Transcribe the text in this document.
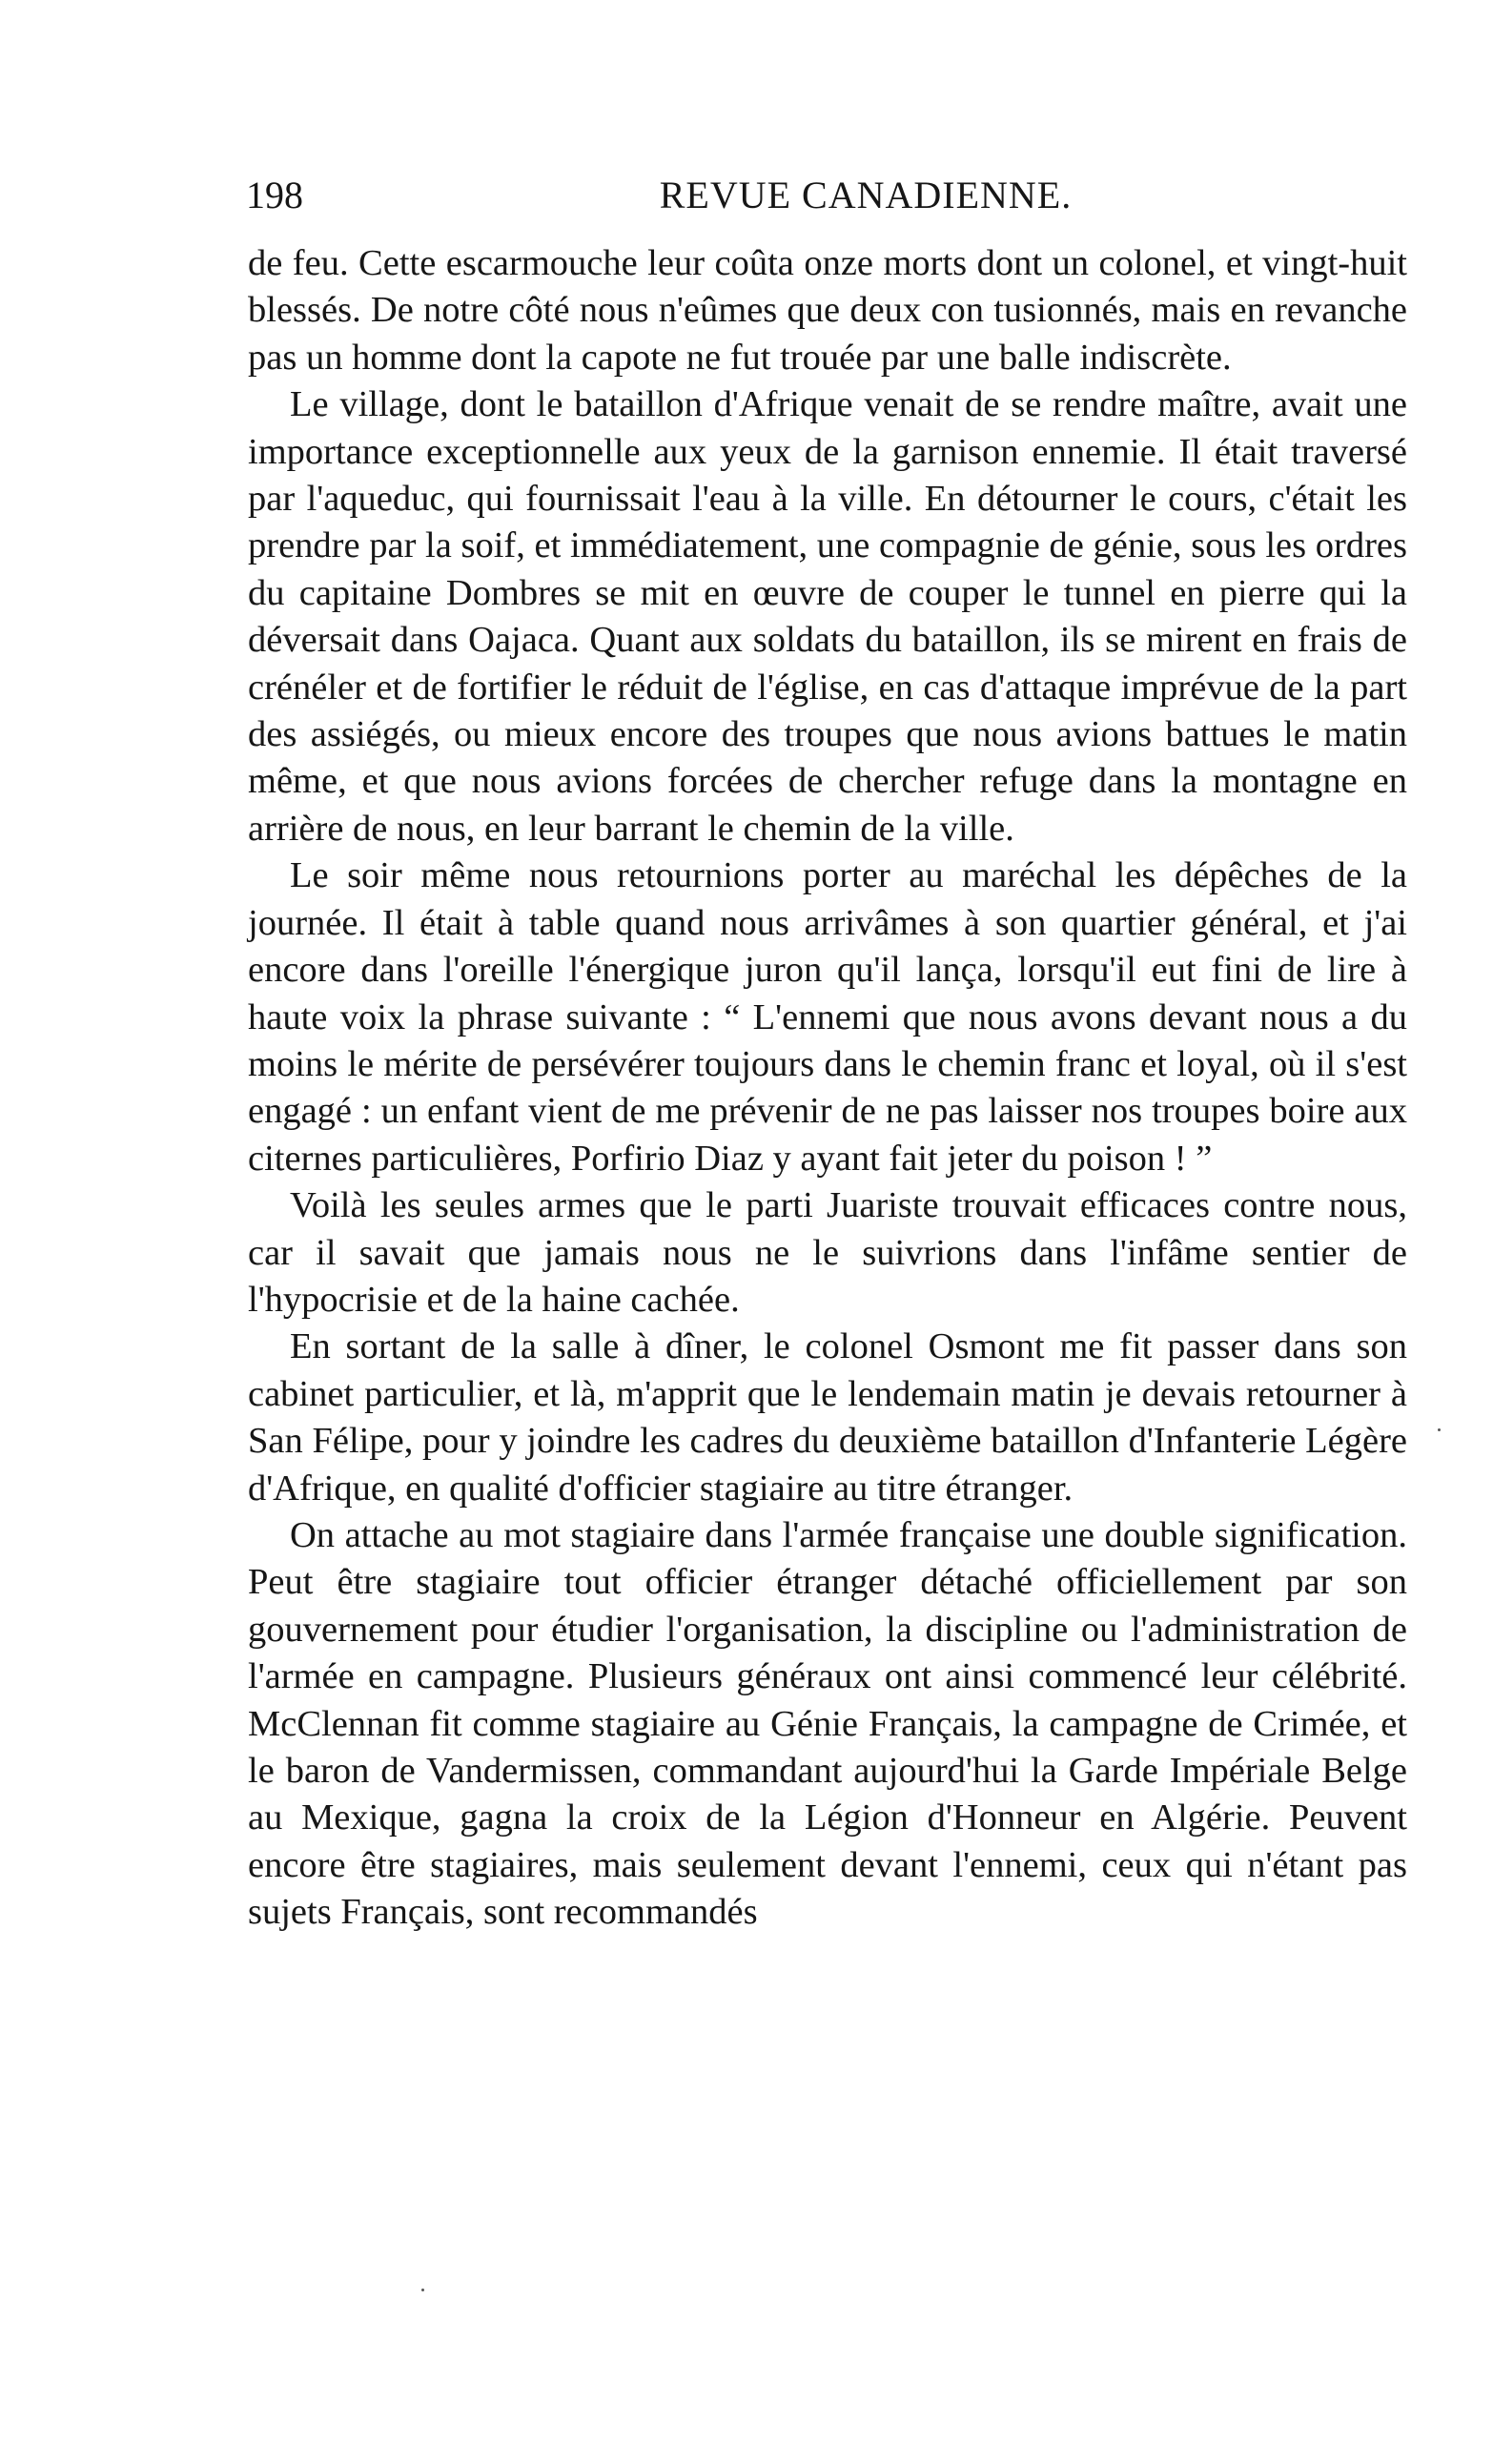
198	REVUE CANADIENNE.

de feu. Cette escarmouche leur coûta onze morts dont un colonel, et vingt-huit blessés. De notre côté nous n'eûmes que deux con tusionnés, mais en revanche pas un homme dont la capote ne fut trouée par une balle indiscrète.

Le village, dont le bataillon d'Afrique venait de se rendre maître, avait une importance exceptionnelle aux yeux de la garnison ennemie. Il était traversé par l'aqueduc, qui fournissait l'eau à la ville. En détourner le cours, c'était les prendre par la soif, et immédiatement, une compagnie de génie, sous les ordres du capitaine Dombres se mit en œuvre de couper le tunnel en pierre qui la déversait dans Oajaca. Quant aux soldats du bataillon, ils se mirent en frais de crénéler et de fortifier le réduit de l'église, en cas d'attaque imprévue de la part des assiégés, ou mieux encore des troupes que nous avions battues le matin même, et que nous avions forcées de chercher refuge dans la montagne en arrière de nous, en leur barrant le chemin de la ville.

Le soir même nous retournions porter au maréchal les dépêches de la journée. Il était à table quand nous arrivâmes à son quartier général, et j'ai encore dans l'oreille l'énergique juron qu'il lança, lorsqu'il eut fini de lire à haute voix la phrase suivante : “ L'ennemi que nous avons devant nous a du moins le mérite de persévérer toujours dans le chemin franc et loyal, où il s'est engagé : un enfant vient de me prévenir de ne pas laisser nos troupes boire aux citernes particulières, Porfirio Diaz y ayant fait jeter du poison ! ”

Voilà les seules armes que le parti Juariste trouvait efficaces contre nous, car il savait que jamais nous ne le suivrions dans l'infâme sentier de l'hypocrisie et de la haine cachée.

En sortant de la salle à dîner, le colonel Osmont me fit passer dans son cabinet particulier, et là, m'apprit que le lendemain matin je devais retourner à San Félipe, pour y joindre les cadres du deuxième bataillon d'Infanterie Légère d'Afrique, en qualité d'officier stagiaire au titre étranger.

On attache au mot stagiaire dans l'armée française une double signification. Peut être stagiaire tout officier étranger détaché officiellement par son gouvernement pour étudier l'organisation, la discipline ou l'administration de l'armée en campagne. Plusieurs généraux ont ainsi commencé leur célébrité. McClennan fit comme stagiaire au Génie Français, la campagne de Crimée, et le baron de Vandermissen, commandant aujourd'hui la Garde Impériale Belge au Mexique, gagna la croix de la Légion d'Honneur en Algérie. Peuvent encore être stagiaires, mais seulement devant l'ennemi, ceux qui n'étant pas sujets Français, sont recommandés
